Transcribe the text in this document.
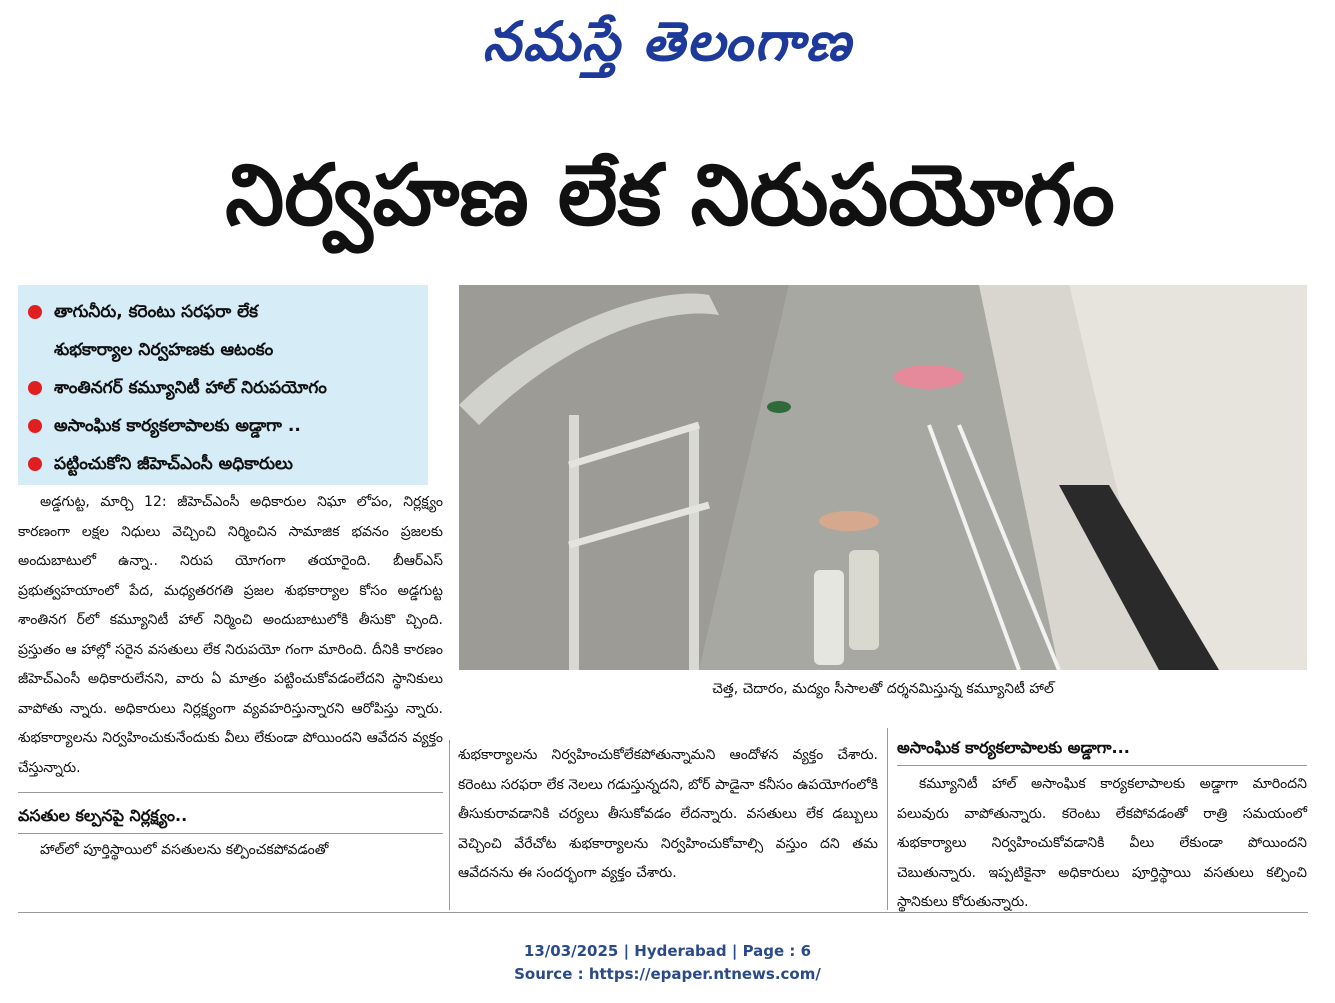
నమస్తే తెలంగాణ
నిర్వహణ లేక నిరుపయోగం
తాగునీరు, కరెంటు సరఫరా లేక
శుభకార్యాల నిర్వహణకు ఆటంకం
శాంతినగర్ కమ్యూనిటీ హాల్ నిరుపయోగం
అసాంఘిక కార్యకలాపాలకు అడ్డాగా ..
పట్టించుకోని జీహెచ్ఎంసీ అధికారులు

అడ్డగుట్ట, మార్చి 12: జీహెచ్ఎంసీ అధికారుల నిఘా లోపం, నిర్లక్ష్యం కారణంగా లక్షల నిధులు వెచ్చించి నిర్మించిన సామాజిక భవనం ప్రజలకు అందుబాటులో ఉన్నా.. నిరుప యోగంగా తయారైంది. బీఆర్ఎస్ ప్రభుత్వహయాంలో పేద, మధ్యతరగతి ప్రజల శుభకార్యాల కోసం అడ్డగుట్ట శాంతినగ ర్‌లో కమ్యూనిటీ హాల్ నిర్మించి అందుబాటులోకి తీసుకొ చ్చింది. ప్రస్తుతం ఆ హాల్లో సరైన వసతులు లేక నిరుపయో గంగా మారింది. దీనికి కారణం జీహెచ్ఎంసీ అధికారులేనని, వారు ఏ మాత్రం పట్టించుకోవడంలేదని స్థానికులు వాపోతు న్నారు. అధికారులు నిర్లక్ష్యంగా వ్యవహరిస్తున్నారని ఆరోపిస్తు న్నారు. శుభకార్యాలను నిర్వహించుకునేందుకు వీలు లేకుండా పోయిందని ఆవేదన వ్యక్తం చేస్తున్నారు.

వసతుల కల్పనపై నిర్లక్ష్యం..

హాల్‌లో పూర్తిస్థాయిలో వసతులను కల్పించకపోవడంతో

చెత్త, చెదారం, మద్యం సీసాలతో దర్శనమిస్తున్న కమ్యూనిటీ హాల్

శుభకార్యాలను నిర్వహించుకోలేకపోతున్నామని ఆందోళన వ్యక్తం చేశారు. కరెంటు సరఫరా లేక నెలలు గడుస్తున్నదని, బోర్ పాడైనా కనీసం ఉపయోగంలోకి తీసుకురావడానికి చర్యలు తీసుకోవడం లేదన్నారు. వసతులు లేక డబ్బులు వెచ్చించి వేరేచోట శుభకార్యాలను నిర్వహించుకోవాల్సి వస్తుం దని తమ ఆవేదనను ఈ సందర్భంగా వ్యక్తం చేశారు.

అసాంఘిక కార్యకలాపాలకు అడ్డాగా...

కమ్యూనిటీ హాల్ అసాంఘిక కార్యకలాపాలకు అడ్డాగా మారిందని పలువురు వాపోతున్నారు. కరెంటు లేకపోవడంతో రాత్రి సమయంలో శుభకార్యాలు నిర్వహించుకోవడానికి వీలు లేకుండా పోయిందని చెబుతున్నారు. ఇప్పటికైనా అధికారులు పూర్తిస్థాయి వసతులు కల్పించి స్థానికులు కోరుతున్నారు.

13/03/2025 | Hyderabad | Page : 6
Source : https://epaper.ntnews.com/
